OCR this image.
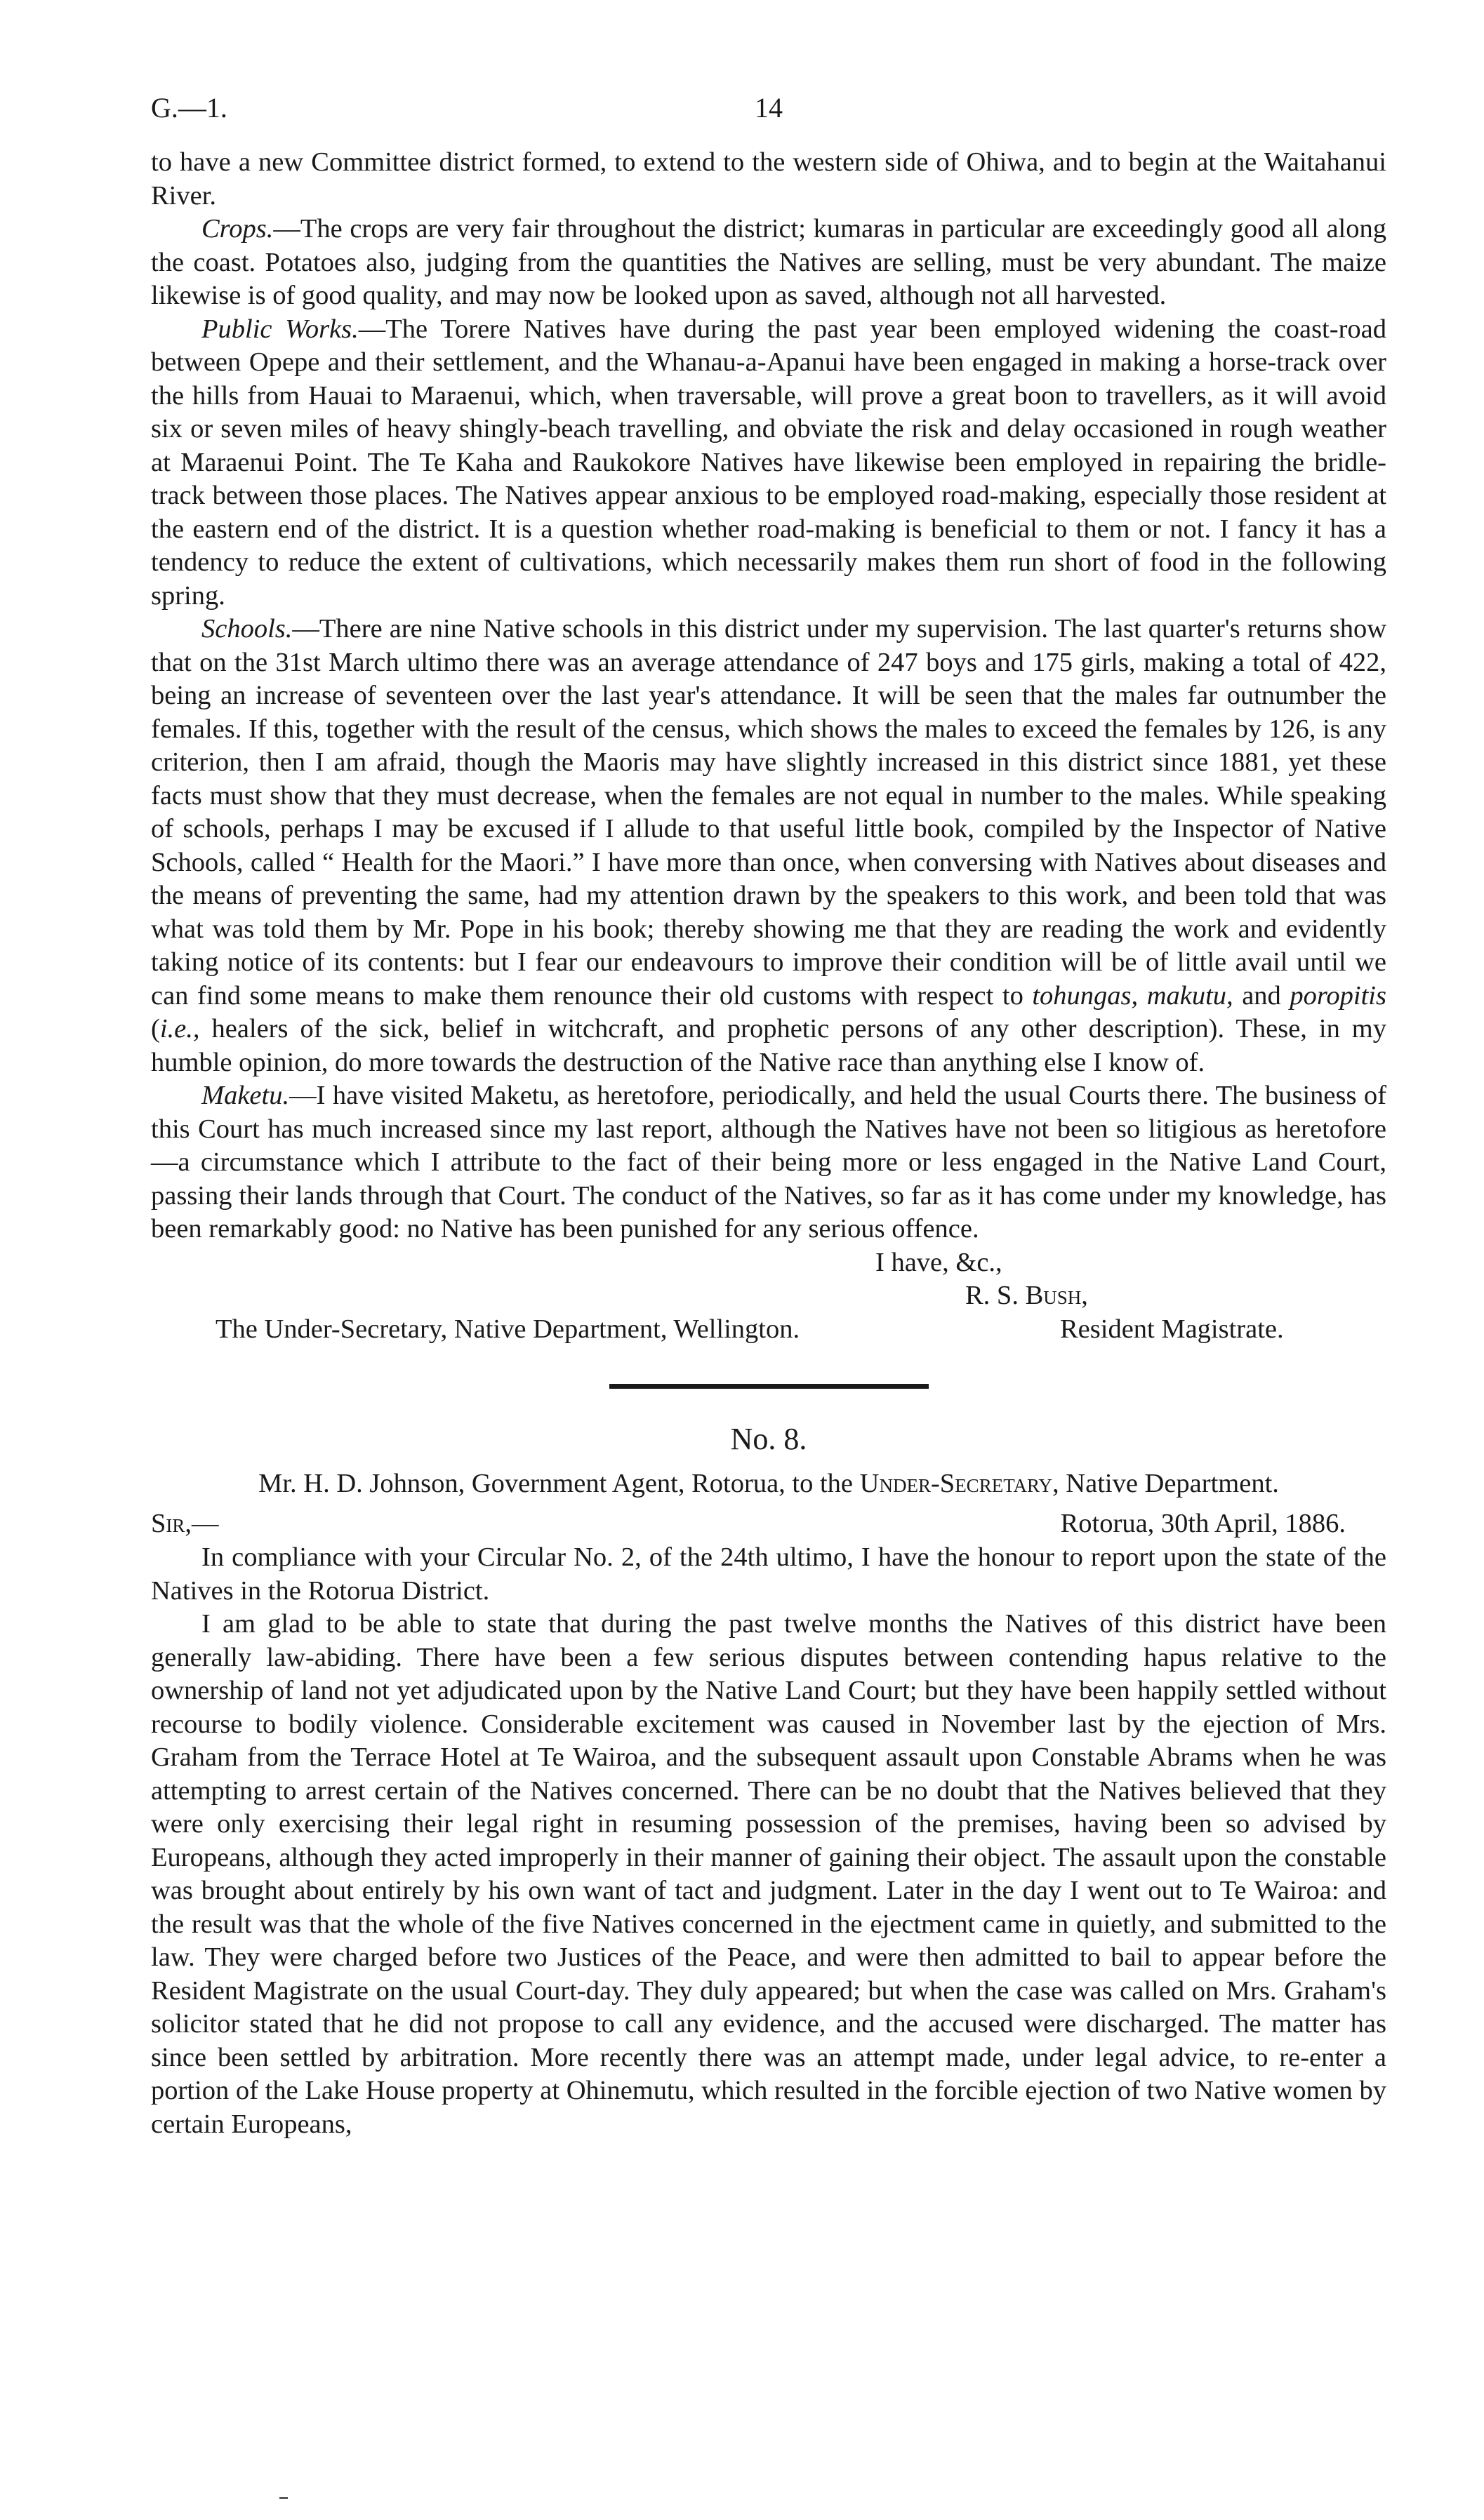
G.—1.	14

to have a new Committee district formed, to extend to the western side of Ohiwa, and to begin at the Waitahanui River.

Crops.—The crops are very fair throughout the district; kumaras in particular are exceedingly good all along the coast. Potatoes also, judging from the quantities the Natives are selling, must be very abundant. The maize likewise is of good quality, and may now be looked upon as saved, although not all harvested.

Public Works.—The Torere Natives have during the past year been employed widening the coast-road between Opepe and their settlement, and the Whanau-a-Apanui have been engaged in making a horse-track over the hills from Hauai to Maraenui, which, when traversable, will prove a great boon to travellers, as it will avoid six or seven miles of heavy shingly-beach travelling, and obviate the risk and delay occasioned in rough weather at Maraenui Point. The Te Kaha and Raukokore Natives have likewise been employed in repairing the bridle-track between those places. The Natives appear anxious to be employed road-making, especially those resident at the eastern end of the district. It is a question whether road-making is beneficial to them or not. I fancy it has a tendency to reduce the extent of cultivations, which necessarily makes them run short of food in the following spring.

Schools.—There are nine Native schools in this district under my supervision. The last quarter's returns show that on the 31st March ultimo there was an average attendance of 247 boys and 175 girls, making a total of 422, being an increase of seventeen over the last year's attendance. It will be seen that the males far outnumber the females. If this, together with the result of the census, which shows the males to exceed the females by 126, is any criterion, then I am afraid, though the Maoris may have slightly increased in this district since 1881, yet these facts must show that they must decrease, when the females are not equal in number to the males. While speaking of schools, perhaps I may be excused if I allude to that useful little book, compiled by the Inspector of Native Schools, called “ Health for the Maori.” I have more than once, when conversing with Natives about diseases and the means of preventing the same, had my attention drawn by the speakers to this work, and been told that was what was told them by Mr. Pope in his book; thereby showing me that they are reading the work and evidently taking notice of its contents: but I fear our endeavours to improve their condition will be of little avail until we can find some means to make them renounce their old customs with respect to tohungas, makutu, and poropitis (i.e., healers of the sick, belief in witchcraft, and prophetic persons of any other description). These, in my humble opinion, do more towards the destruction of the Native race than anything else I know of.

Maketu.—I have visited Maketu, as heretofore, periodically, and held the usual Courts there. The business of this Court has much increased since my last report, although the Natives have not been so litigious as heretofore—a circumstance which I attribute to the fact of their being more or less engaged in the Native Land Court, passing their lands through that Court. The conduct of the Natives, so far as it has come under my knowledge, has been remarkably good: no Native has been punished for any serious offence.

I have, &c.,
R. S. Bush,
The Under-Secretary, Native Department, Wellington.	Resident Magistrate.
No. 8.
Mr. H. D. Johnson, Government Agent, Rotorua, to the Under-Secretary, Native Department.
Sir,—	Rotorua, 30th April, 1886.

In compliance with your Circular No. 2, of the 24th ultimo, I have the honour to report upon the state of the Natives in the Rotorua District.

I am glad to be able to state that during the past twelve months the Natives of this district have been generally law-abiding. There have been a few serious disputes between contending hapus relative to the ownership of land not yet adjudicated upon by the Native Land Court; but they have been happily settled without recourse to bodily violence. Considerable excitement was caused in November last by the ejection of Mrs. Graham from the Terrace Hotel at Te Wairoa, and the subsequent assault upon Constable Abrams when he was attempting to arrest certain of the Natives concerned. There can be no doubt that the Natives believed that they were only exercising their legal right in resuming possession of the premises, having been so advised by Europeans, although they acted improperly in their manner of gaining their object. The assault upon the constable was brought about entirely by his own want of tact and judgment. Later in the day I went out to Te Wairoa: and the result was that the whole of the five Natives concerned in the ejectment came in quietly, and submitted to the law. They were charged before two Justices of the Peace, and were then admitted to bail to appear before the Resident Magistrate on the usual Court-day. They duly appeared; but when the case was called on Mrs. Graham's solicitor stated that he did not propose to call any evidence, and the accused were discharged. The matter has since been settled by arbitration. More recently there was an attempt made, under legal advice, to re-enter a portion of the Lake House property at Ohinemutu, which resulted in the forcible ejection of two Native women by certain Europeans,
